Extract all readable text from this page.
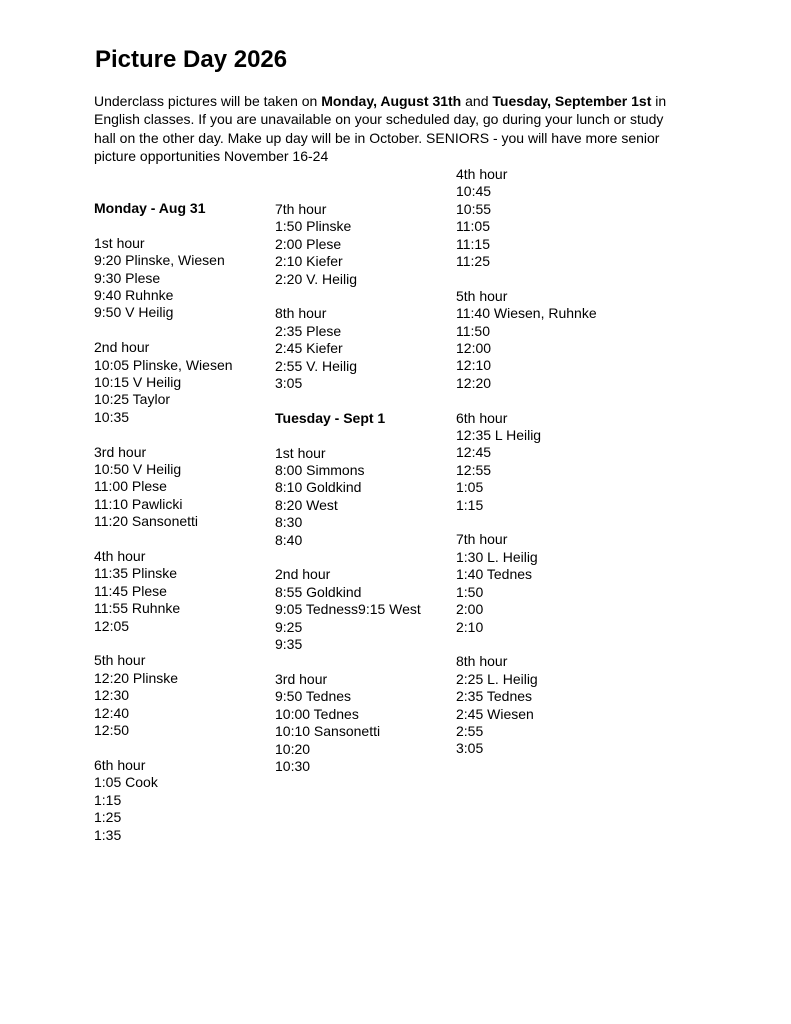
Picture Day 2026

Underclass pictures will be taken on Monday, August 31th and Tuesday, September 1st in English classes. If you are unavailable on your scheduled day, go during your lunch or study hall on the other day. Make up day will be in October. SENIORS - you will have more senior picture opportunities November 16-24

Monday - Aug 31
1st hour
9:20 Plinske, Wiesen
9:30 Plese
9:40 Ruhnke
9:50 V Heilig
2nd hour
10:05 Plinske, Wiesen
10:15 V Heilig
10:25 Taylor
10:35
3rd hour
10:50 V Heilig
11:00 Plese
11:10 Pawlicki
11:20 Sansonetti
4th hour
11:35 Plinske
11:45 Plese
11:55 Ruhnke
12:05
5th hour
12:20 Plinske
12:30
12:40
12:50
6th hour
1:05 Cook
1:15
1:25
1:35
7th hour
1:50 Plinske
2:00 Plese
2:10 Kiefer
2:20 V. Heilig
8th hour
2:35 Plese
2:45 Kiefer
2:55 V. Heilig
3:05
Tuesday - Sept 1
1st hour
8:00 Simmons
8:10 Goldkind
8:20 West
8:30
8:40
2nd hour
8:55 Goldkind
9:05 Tedness9:15 West
9:25
9:35
3rd hour
9:50 Tednes
10:00 Tednes
10:10 Sansonetti
10:20
10:30
4th hour
10:45
10:55
11:05
11:15
11:25
5th hour
11:40 Wiesen, Ruhnke
11:50
12:00
12:10
12:20
6th hour
12:35 L Heilig
12:45
12:55
1:05
1:15
7th hour
1:30 L. Heilig
1:40 Tednes
1:50
2:00
2:10
8th hour
2:25 L. Heilig
2:35 Tednes
2:45 Wiesen
2:55
3:05
